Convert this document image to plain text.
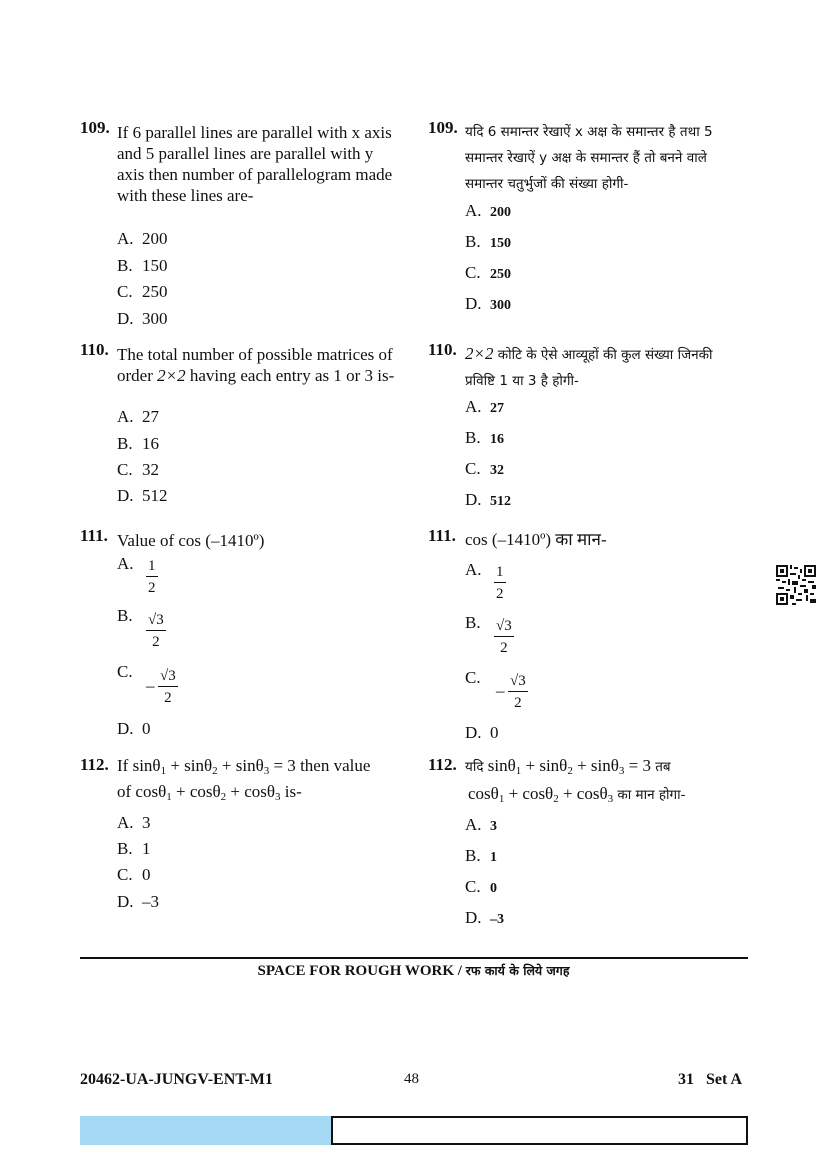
109. If 6 parallel lines are parallel with x axis and 5 parallel lines are parallel with y axis then number of parallelogram made with these lines are-
A. 200
B. 150
C. 250
D. 300
110. The total number of possible matrices of order 2×2 having each entry as 1 or 3 is-
A. 27
B. 16
C. 32
D. 512
111. Value of cos (–1410º)
A. $\frac{1}{2}$
B. $\frac{√3}{2}$
C.
– $\frac{√3}{2}$
D. 0
112. If sinθ$_1$ + sinθ$_2$ + sinθ$_3$ = 3 then value
of cosθ$_1$ + cosθ$_2$ + cosθ$_3$ is-
A. 3
B. 1
C. 0
D. –3
109. यदि 6 समान्तर रेखाऐं x अक्ष के समान्तर है तथा 5 समान्तर रेखाऐं y अक्ष के समान्तर हैं तो बनने वाले समान्तर चतुर्भुजों की संख्या होगी-
A. 200
B. 150
C. 250
D. 300
110. 2×2 कोटि के ऐसे आव्यूहों की कुल संख्या जिनकी प्रविष्टि 1 या 3 है होगी-
A. 27
B. 16
C. 32
D. 512
111. cos (–1410º) का मान-
A. $\frac{1}{2}$
B. $\frac{√3}{2}$
C.
– $\frac{√3}{2}$
D. 0
112. यदि sinθ$_1$ + sinθ$_2$ + sinθ$_3$ = 3 तब
cosθ$_1$ + cosθ$_2$ + cosθ$_3$ का मान होगा-
A. 3
B. 1
C. 0
D. –3
SPACE FOR ROUGH WORK / रफ कार्य के लिये जगह
20462-UA-JUNGV-ENT-M1	48	31   Set A
